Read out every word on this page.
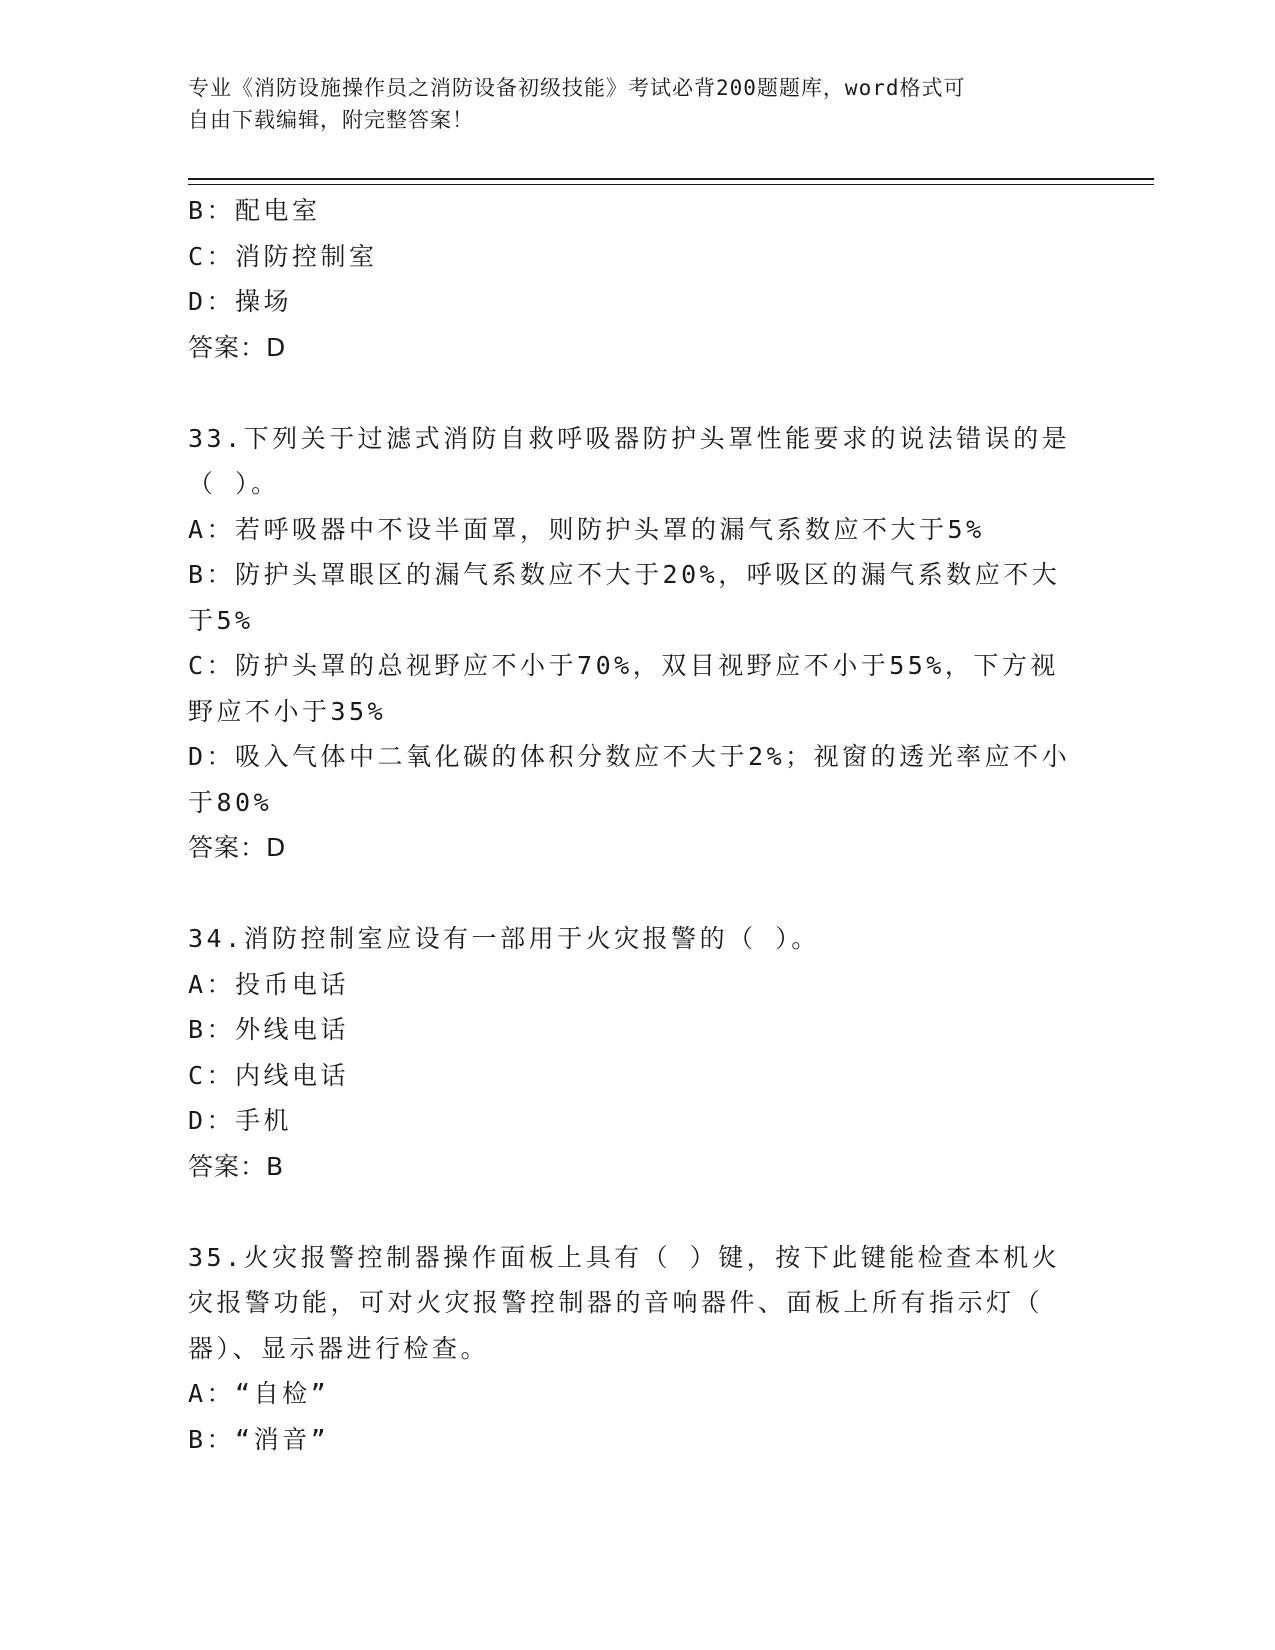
专业《消防设施操作员之消防设备初级技能》考试必背200题题库，word格式可
自由下载编辑，附完整答案！
B：配电室
C：消防控制室
D：操场
答案：D
33.下列关于过滤式消防自救呼吸器防护头罩性能要求的说法错误的是
（ ）。
A：若呼吸器中不设半面罩，则防护头罩的漏气系数应不大于5%
B：防护头罩眼区的漏气系数应不大于20%，呼吸区的漏气系数应不大
于5%
C：防护头罩的总视野应不小于70%，双目视野应不小于55%，下方视
野应不小于35%
D：吸入气体中二氧化碳的体积分数应不大于2%；视窗的透光率应不小
于80%
答案：D
34.消防控制室应设有一部用于火灾报警的（ ）。
A：投币电话
B：外线电话
C：内线电话
D：手机
答案：B
35.火灾报警控制器操作面板上具有（ ）键，按下此键能检查本机火
灾报警功能，可对火灾报警控制器的音响器件、面板上所有指示灯（
器）、显示器进行检查。
A：“自检”
B：“消音”
